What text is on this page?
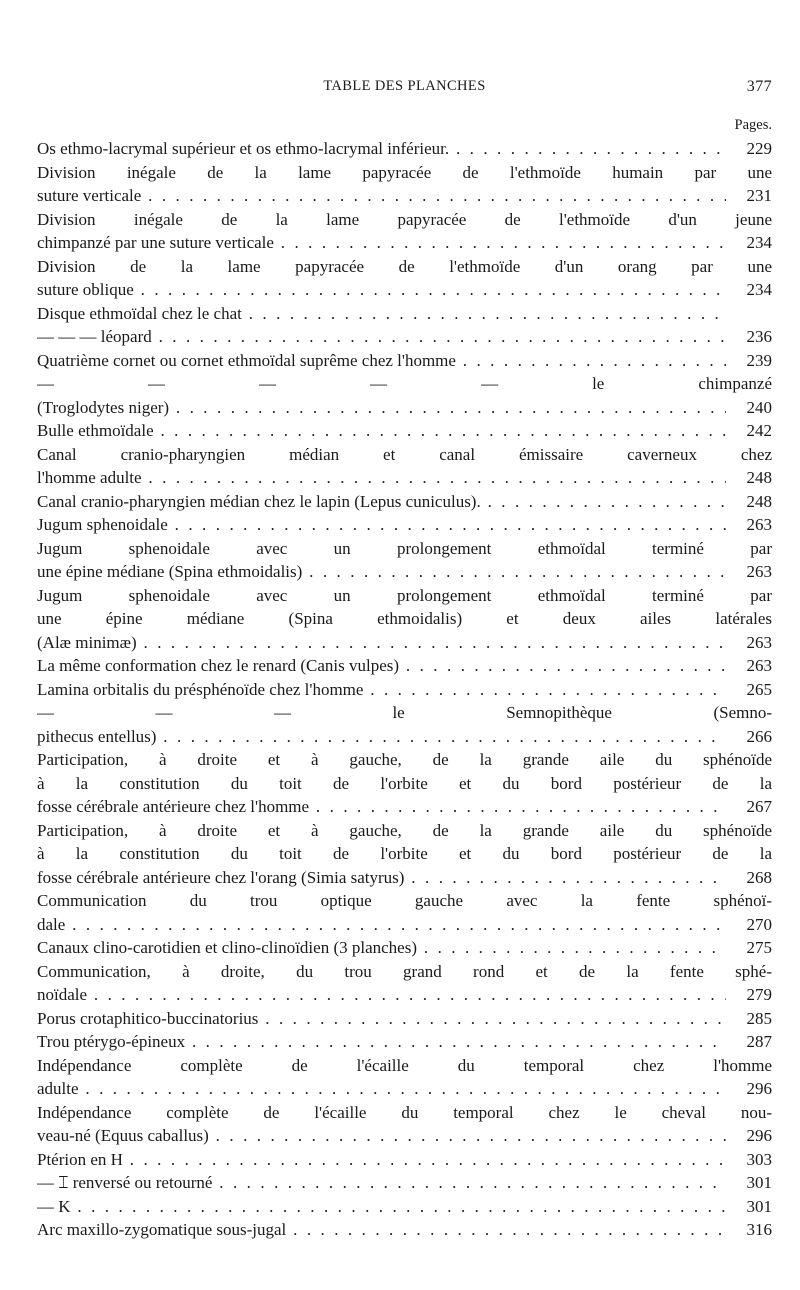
TABLE DES PLANCHES	377
Pages.
Os ethmo-lacrymal supérieur et os ethmo-lacrymal inférieur. . . .	229
Division inégale de la lame papyracée de l'ethmoïde humain par une
suture verticale . . .	231
Division inégale de la lame papyracée de l'ethmoïde d'un jeune
chimpanzé par une suture verticale . . .	234
Division de la lame papyracée de l'ethmoïde d'un orang par une
suture oblique . . .	234
Disque ethmoïdal chez le chat . . .
— — — léopard . . .	236
Quatrième cornet ou cornet ethmoïdal suprême chez l'homme . . .	239
— — — — — le chimpanzé
(Troglodytes niger) . . .	240
Bulle ethmoïdale . . .	242
Canal cranio-pharyngien médian et canal émissaire caverneux chez
l'homme adulte . . .	248
Canal cranio-pharyngien médian chez le lapin (Lepus cuniculus). . . .	248
Jugum sphenoidale . . .	263
Jugum sphenoidale avec un prolongement ethmoïdal terminé par
une épine médiane (Spina ethmoidalis) . . .	263
Jugum sphenoidale avec un prolongement ethmoïdal terminé par
une épine médiane (Spina ethmoidalis) et deux ailes latérales
(Alæ minimæ) . . .	263
La même conformation chez le renard (Canis vulpes) . . .	263
Lamina orbitalis du présphénoïde chez l'homme . . .	265
— — — le Semnopithèque (Semno-
pithecus entellus) . . .	266
Participation, à droite et à gauche, de la grande aile du sphénoïde
à la constitution du toit de l'orbite et du bord postérieur de la
fosse cérébrale antérieure chez l'homme . . .	267
Participation, à droite et à gauche, de la grande aile du sphénoïde
à la constitution du toit de l'orbite et du bord postérieur de la
fosse cérébrale antérieure chez l'orang (Simia satyrus) . . .	268
Communication du trou optique gauche avec la fente sphénoï-
dale . . .	270
Canaux clino-carotidien et clino-clinoïdien (3 planches) . . .	275
Communication, à droite, du trou grand rond et de la fente sphé-
noïdale . . .	279
Porus crotaphitico-buccinatorius . . .	285
Trou ptérygo-épineux . . .	287
Indépendance complète de l'écaille du temporal chez l'homme
adulte . . .	296
Indépendance complète de l'écaille du temporal chez le cheval nou-
veau-né (Equus caballus) . . .	296
Ptérion en H . . .	303
— ⌶ renversé ou retourné . . .	301
— K . . .	301
Arc maxillo-zygomatique sous-jugal . . .	316
